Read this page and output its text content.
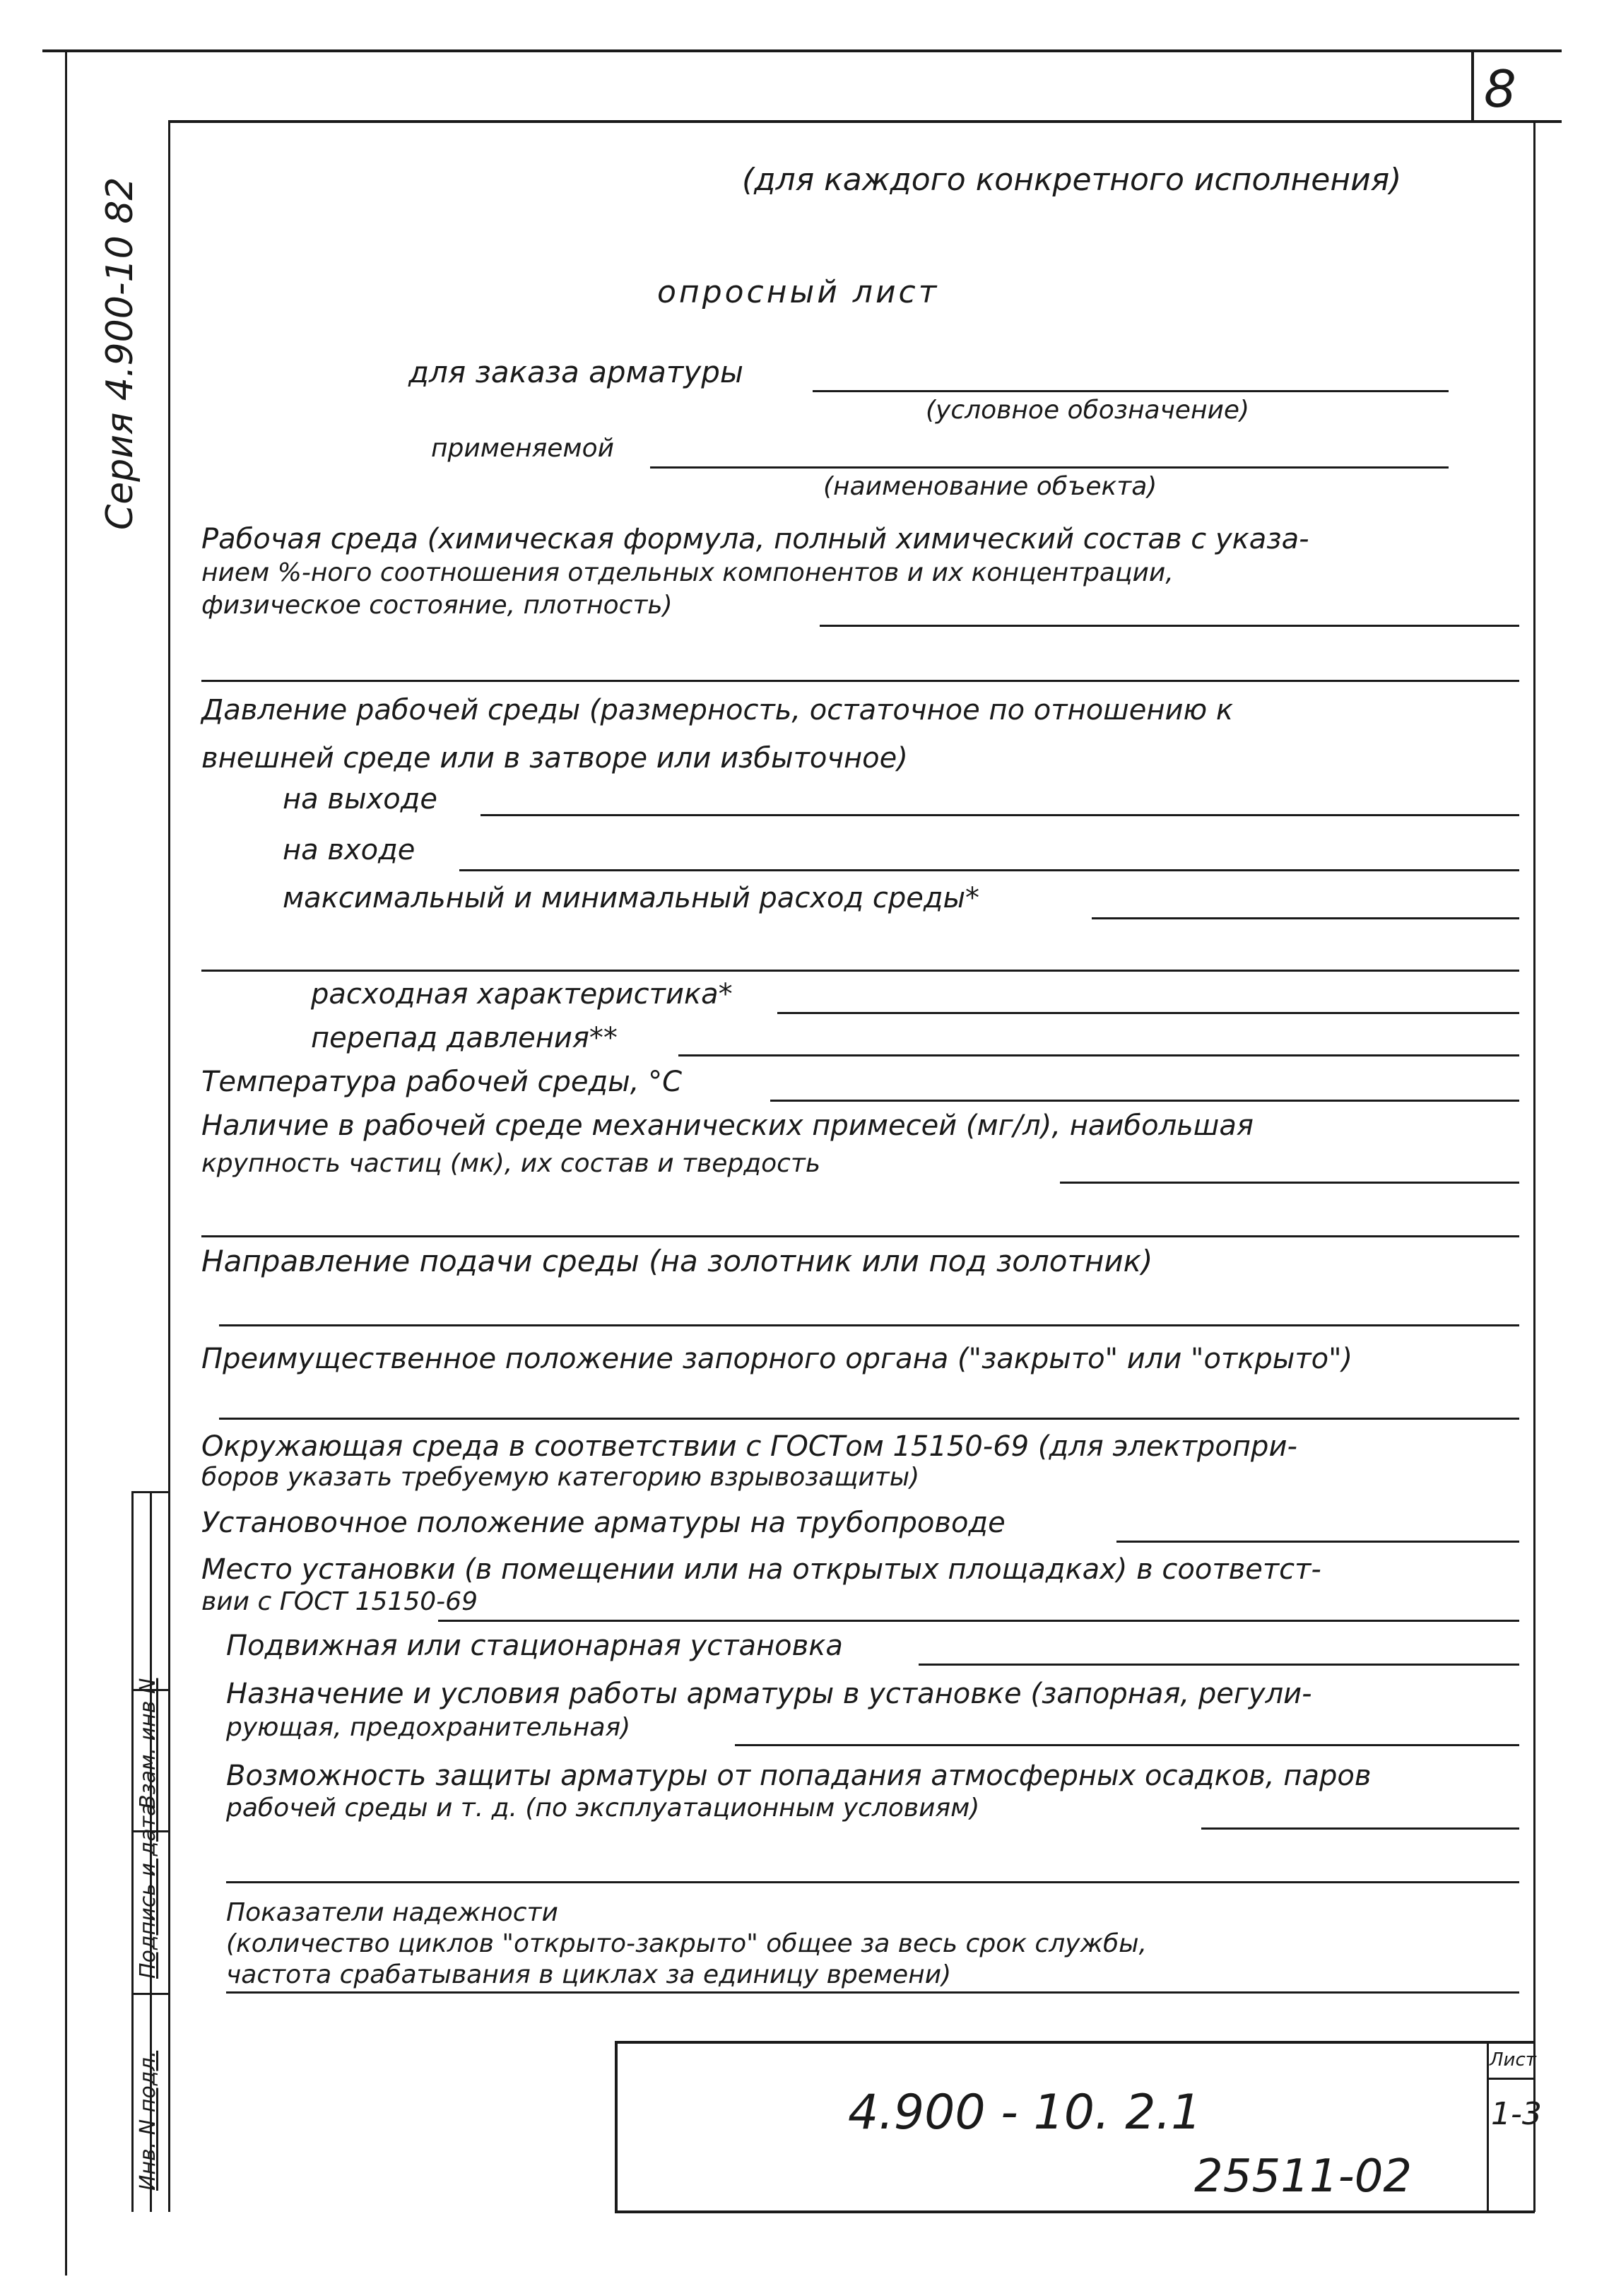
8
Серия 4.900-10 82	(для каждого конкретного исполнения)
опросный лист
для заказа арматуры
(условное обозначение)
применяемой
(наименование объекта)
Рабочая среда (химическая формула, полный химический состав с указа-
нием %-ного соотношения отдельных компонентов и их концентрации,
физическое состояние, плотность)
Давление рабочей среды (размерность, остаточное по отношению к
внешней среде или в затворе или избыточное)
на выходе
на входе
максимальный и минимальный расход среды*
расходная характеристика*
перепад давления**
Температура рабочей среды, °С
Наличие в рабочей среде механических примесей (мг/л), наибольшая
крупность частиц (мк), их состав и твердость
Направление подачи среды (на золотник или под золотник)
Преимущественное положение запорного органа ("закрыто" или "открыто")
Окружающая среда в соответствии с ГОСТом 15150-69 (для электропри-
боров указать требуемую категорию взрывозащиты)
Установочное положение арматуры на трубопроводе
Место установки (в помещении или на открытых площадках) в соответст-
вии с ГОСТ 15150-69
Подвижная или стационарная установка
Назначение и условия работы арматуры в установке (запорная, регули-
рующая, предохранительная)
Возможность защиты арматуры от попадания атмосферных осадков, паров
рабочей среды и т. д. (по эксплуатационным условиям)
Показатели надежности
(количество циклов "открыто-закрыто" общее за весь срок службы,
частота срабатывания в циклах за единицу времени)
Инв. N подл.
Подпись и дата
Взам. инв N
4.900 - 10. 2.1
Лист
1-3
25511-02
